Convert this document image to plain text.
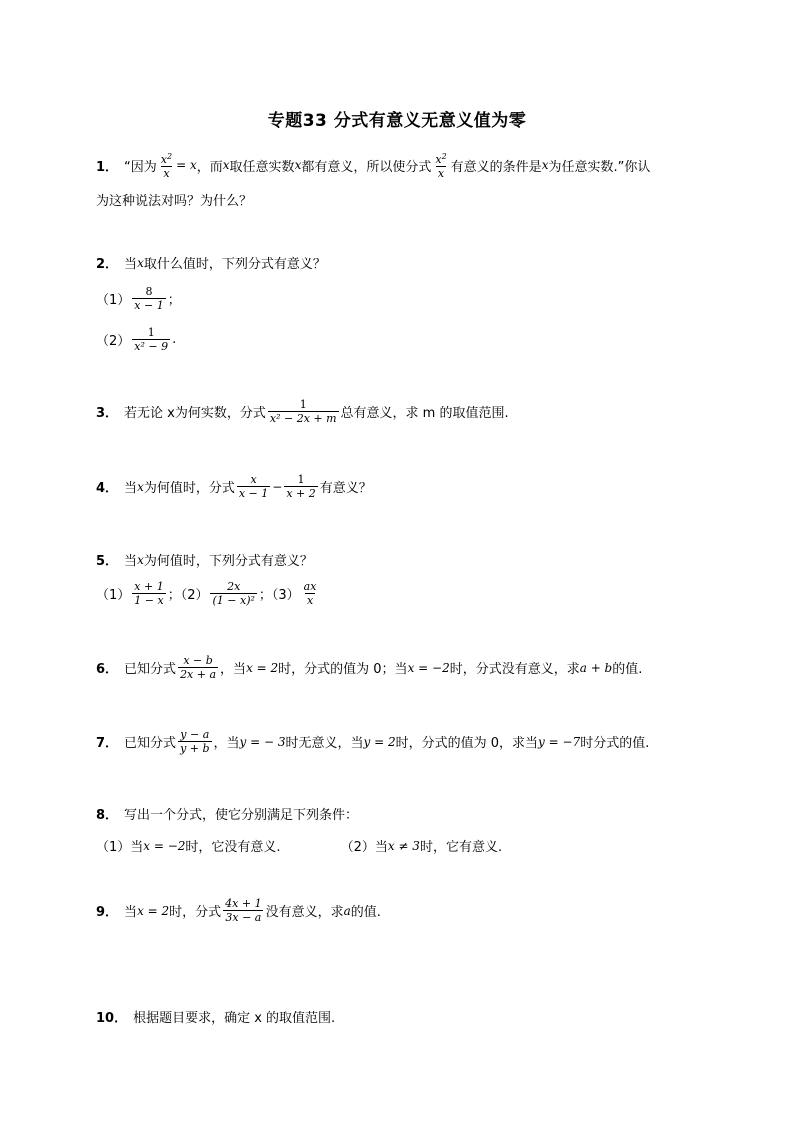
专题33 分式有意义无意义值为零
1． “因为 $\frac{x^2}{x} = x$ ，而 x 取任意实数 x 都有意义，所以使分式 $\frac{x^2}{x}$ 有意义的条件是 x 为任意实数.”你认
为这种说法对吗？为什么？
2． 当 x 取什么值时，下列分式有意义？
$(1) \frac{8}{x - 1}$ ；
$(2) \frac{1}{\text{x² − 9}}$ .
3． 若无论 x为何实数，分式 $\frac{1}{\text{x² − 2x + m}}$ 总有意义，求 m 的取值范围.
4． 当 x 为何值时，分式 $\frac{x}{x - 1} - \frac{1}{x + 2}$ 有意义？
5． 当 x 为何值时，下列分式有意义？
$(1) \frac{x + 1}{1 - x}$ ；$(2) \frac{2x}{\text{(1 − x)²}}$ ；$(3) \frac{ax}{x}$
6． 已知分式 $\frac{x - b}{2x + a}$ ，当 x = 2 时，分式的值为 0；当 x = −2 时，分式没有意义，求 a + b 的值.
7． 已知分式 $\frac{y - a}{y + b}$ ，当 y = − 3 时无意义，当 y = 2 时，分式的值为 0，求当 y = −7 时分式的值.
8． 写出一个分式，使它分别满足下列条件：
（1）当 x = −2 时，它没有意义.	（2）当 x ≠ 3 时，它有意义.
9． 当 x = 2 时，分式 $\frac{4x + 1}{3x - a}$ 没有意义，求 a 的值.
10． 根据题目要求，确定 x 的取值范围.
